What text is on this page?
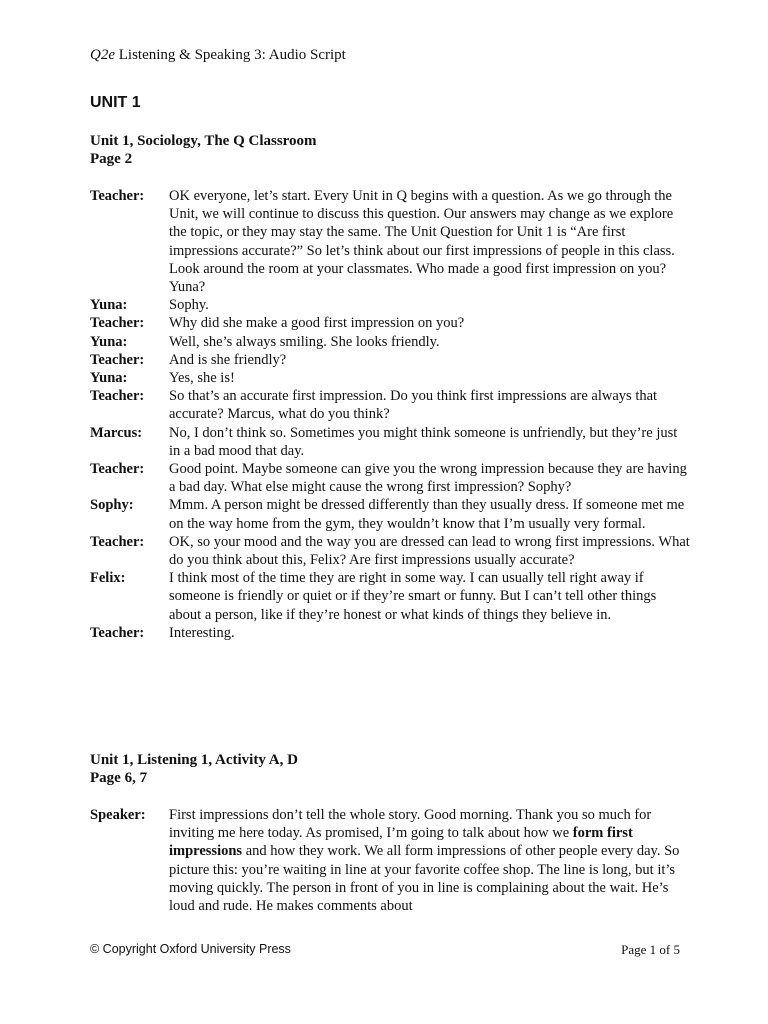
Q2e Listening & Speaking 3: Audio Script
UNIT 1
Unit 1, Sociology, The Q Classroom
Page 2
Teacher:	OK everyone, let’s start. Every Unit in Q begins with a question. As we go through the Unit, we will continue to discuss this question. Our answers may change as we explore the topic, or they may stay the same. The Unit Question for Unit 1 is “Are first impressions accurate?” So let’s think about our first impressions of people in this class. Look around the room at your classmates. Who made a good first impression on you? Yuna?
Yuna:	Sophy.
Teacher:	Why did she make a good first impression on you?
Yuna:	Well, she’s always smiling. She looks friendly.
Teacher:	And is she friendly?
Yuna:	Yes, she is!
Teacher:	So that’s an accurate first impression. Do you think first impressions are always that accurate? Marcus, what do you think?
Marcus:	No, I don’t think so. Sometimes you might think someone is unfriendly, but they’re just in a bad mood that day.
Teacher:	Good point. Maybe someone can give you the wrong impression because they are having a bad day. What else might cause the wrong first impression? Sophy?
Sophy:	Mmm. A person might be dressed differently than they usually dress. If someone met me on the way home from the gym, they wouldn’t know that I’m usually very formal.
Teacher:	OK, so your mood and the way you are dressed can lead to wrong first impressions. What do you think about this, Felix? Are first impressions usually accurate?
Felix:	I think most of the time they are right in some way. I can usually tell right away if someone is friendly or quiet or if they’re smart or funny. But I can’t tell other things about a person, like if they’re honest or what kinds of things they believe in.
Teacher:	Interesting.
Unit 1, Listening 1, Activity A, D
Page 6, 7
Speaker:	First impressions don’t tell the whole story. Good morning. Thank you so much for inviting me here today. As promised, I’m going to talk about how we form first impressions and how they work. We all form impressions of other people every day. So picture this: you’re waiting in line at your favorite coffee shop. The line is long, but it’s moving quickly. The person in front of you in line is complaining about the wait. He’s loud and rude. He makes comments about
© Copyright Oxford University Press	Page 1 of 5
